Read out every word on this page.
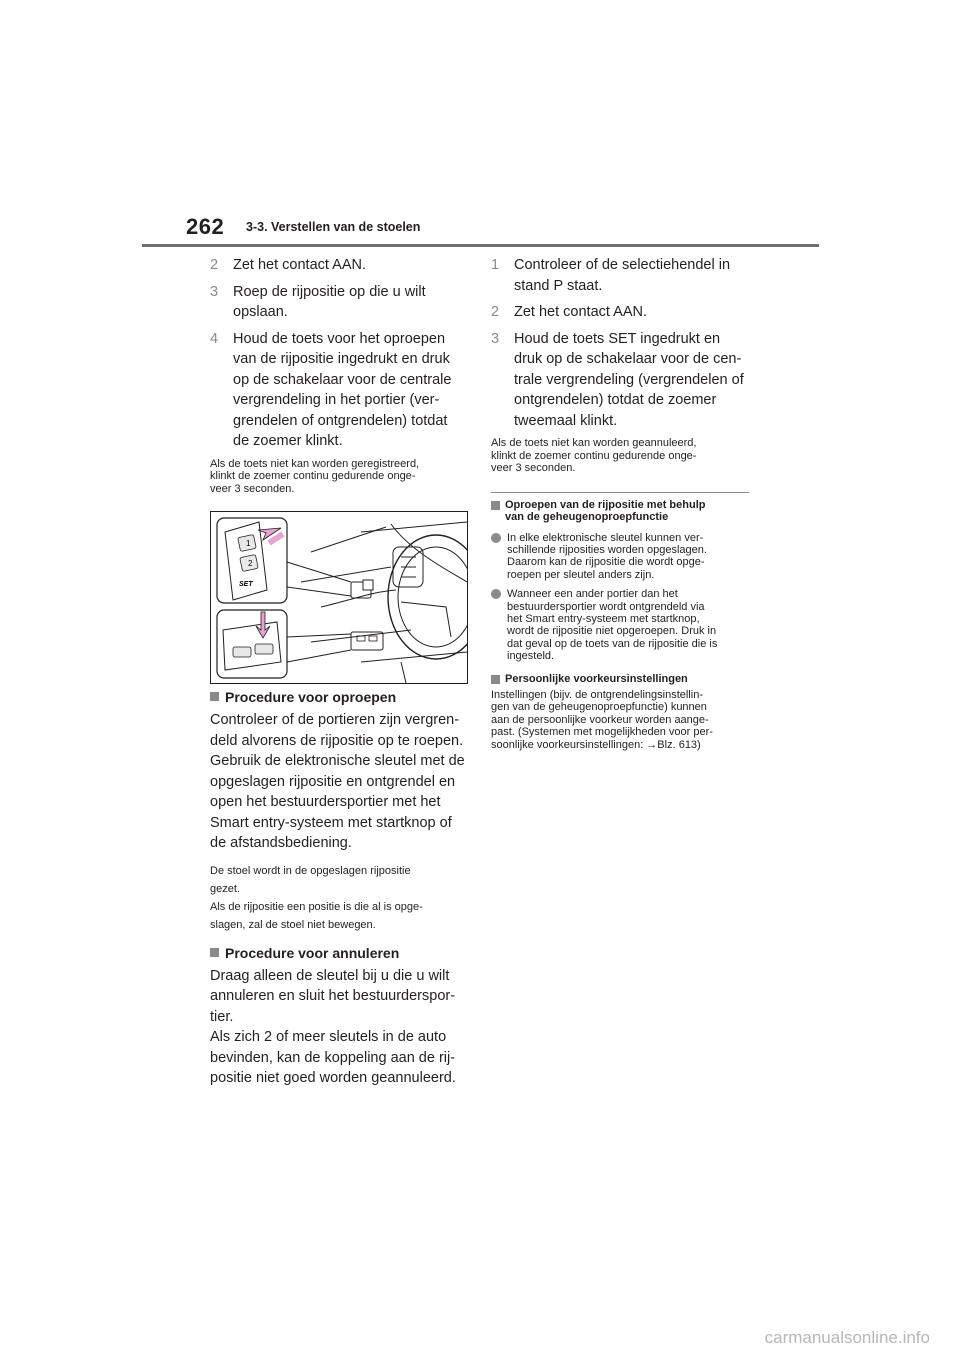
262 3-3. Verstellen van de stoelen
2	Zet het contact AAN.
3	Roep de rijpositie op die u wilt
opslaan.
4	Houd de toets voor het oproepen
van de rijpositie ingedrukt en druk
op de schakelaar voor de centrale
vergrendeling in het portier (ver-
grendelen of ontgrendelen) totdat
de zoemer klinkt.
Als de toets niet kan worden geregistreerd,
klinkt de zoemer continu gedurende onge-
veer 3 seconden.
1
2
SET
Procedure voor oproepen
Controleer of de portieren zijn vergren-
deld alvorens de rijpositie op te roepen.
Gebruik de elektronische sleutel met de
opgeslagen rijpositie en ontgrendel en
open het bestuurdersportier met het
Smart entry-systeem met startknop of
de afstandsbediening.
De stoel wordt in de opgeslagen rijpositie
gezet.
Als de rijpositie een positie is die al is opge-
slagen, zal de stoel niet bewegen.
Procedure voor annuleren
Draag alleen de sleutel bij u die u wilt
annuleren en sluit het bestuurderspor-
tier.
Als zich 2 of meer sleutels in de auto
bevinden, kan de koppeling aan de rij-
positie niet goed worden geannuleerd.
1	Controleer of de selectiehendel in
stand P staat.
2	Zet het contact AAN.
3	Houd de toets SET ingedrukt en
druk op de schakelaar voor de cen-
trale vergrendeling (vergrendelen of
ontgrendelen) totdat de zoemer
tweemaal klinkt.
Als de toets niet kan worden geannuleerd,
klinkt de zoemer continu gedurende onge-
veer 3 seconden.
Oproepen van de rijpositie met behulp
van de geheugenoproepfunctie
In elke elektronische sleutel kunnen ver-
schillende rijposities worden opgeslagen.
Daarom kan de rijpositie die wordt opge-
roepen per sleutel anders zijn.
Wanneer een ander portier dan het
bestuurdersportier wordt ontgrendeld via
het Smart entry-systeem met startknop,
wordt de rijpositie niet opgeroepen. Druk in
dat geval op de toets van de rijpositie die is
ingesteld.
Persoonlijke voorkeursinstellingen
Instellingen (bijv. de ontgrendelingsinstellin-
gen van de geheugenoproepfunctie) kunnen
aan de persoonlijke voorkeur worden aange-
past. (Systemen met mogelijkheden voor per-
soonlijke voorkeursinstellingen: →Blz. 613)
carmanualsonline.info
